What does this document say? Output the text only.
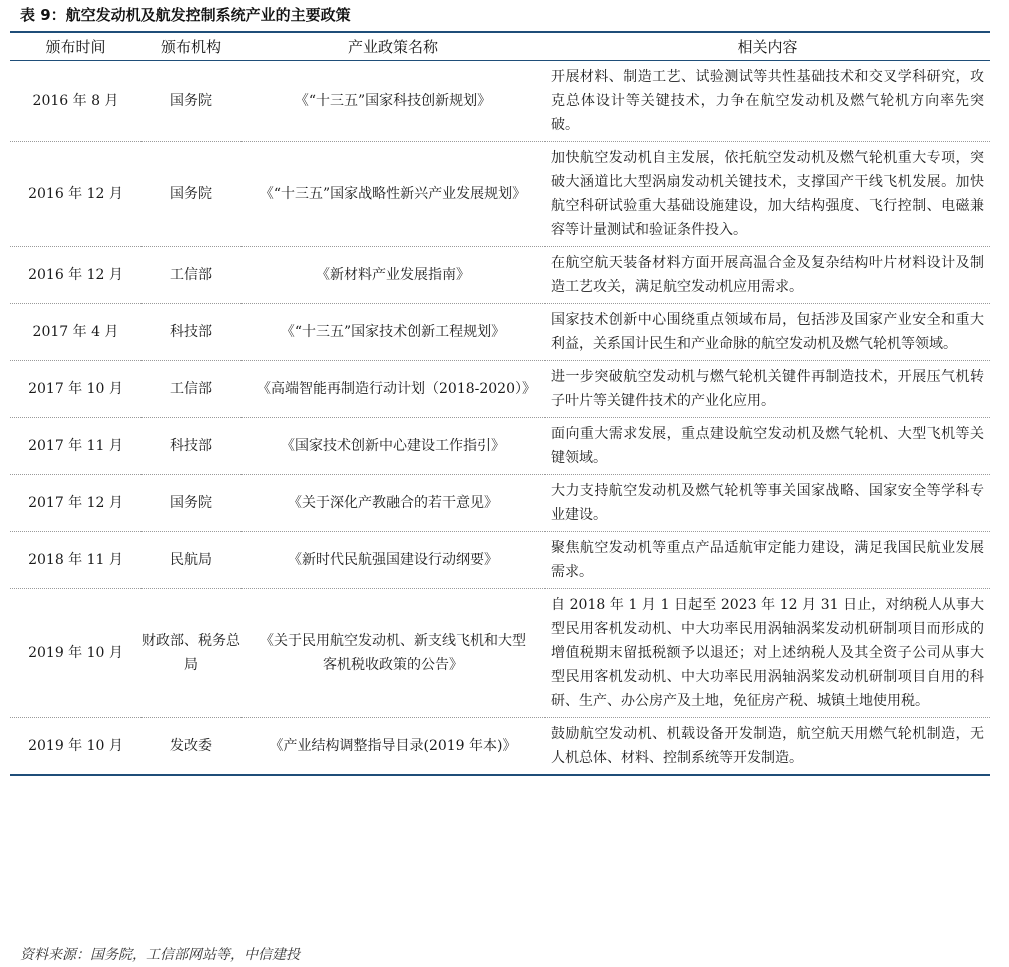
表 9：航空发动机及航发控制系统产业的主要政策
颁布时间	颁布机构	产业政策名称	相关内容
2016 年 8 月	国务院	《“十三五”国家科技创新规划》	开展材料、制造工艺、试验测试等共性基础技术和交叉学科研究，攻克总体设计等关键技术，力争在航空发动机及燃气轮机方向率先突破。
2016 年 12 月	国务院	《“十三五”国家战略性新兴产业发展规划》	加快航空发动机自主发展，依托航空发动机及燃气轮机重大专项，突破大涵道比大型涡扇发动机关键技术，支撑国产干线飞机发展。加快航空科研试验重大基础设施建设，加大结构强度、飞行控制、电磁兼容等计量测试和验证条件投入。
2016 年 12 月	工信部	《新材料产业发展指南》	在航空航天装备材料方面开展高温合金及复杂结构叶片材料设计及制造工艺攻关，满足航空发动机应用需求。
2017 年 4 月	科技部	《“十三五”国家技术创新工程规划》	国家技术创新中心围绕重点领域布局，包括涉及国家产业安全和重大利益，关系国计民生和产业命脉的航空发动机及燃气轮机等领域。
2017 年 10 月	工信部	《高端智能再制造行动计划（2018-2020）》	进一步突破航空发动机与燃气轮机关键件再制造技术，开展压气机转子叶片等关键件技术的产业化应用。
2017 年 11 月	科技部	《国家技术创新中心建设工作指引》	面向重大需求发展，重点建设航空发动机及燃气轮机、大型飞机等关键领域。
2017 年 12 月	国务院	《关于深化产教融合的若干意见》	大力支持航空发动机及燃气轮机等事关国家战略、国家安全等学科专业建设。
2018 年 11 月	民航局	《新时代民航强国建设行动纲要》	聚焦航空发动机等重点产品适航审定能力建设，满足我国民航业发展需求。
2019 年 10 月	财政部、税务总局	《关于民用航空发动机、新支线飞机和大型客机税收政策的公告》	自 2018 年 1 月 1 日起至 2023 年 12 月 31 日止，对纳税人从事大型民用客机发动机、中大功率民用涡轴涡桨发动机研制项目而形成的增值税期末留抵税额予以退还；对上述纳税人及其全资子公司从事大型民用客机发动机、中大功率民用涡轴涡桨发动机研制项目自用的科研、生产、办公房产及土地，免征房产税、城镇土地使用税。
2019 年 10 月	发改委	《产业结构调整指导目录(2019 年本)》	鼓励航空发动机、机载设备开发制造，航空航天用燃气轮机制造，无人机总体、材料、控制系统等开发制造。
资料来源：国务院，工信部网站等，中信建投
